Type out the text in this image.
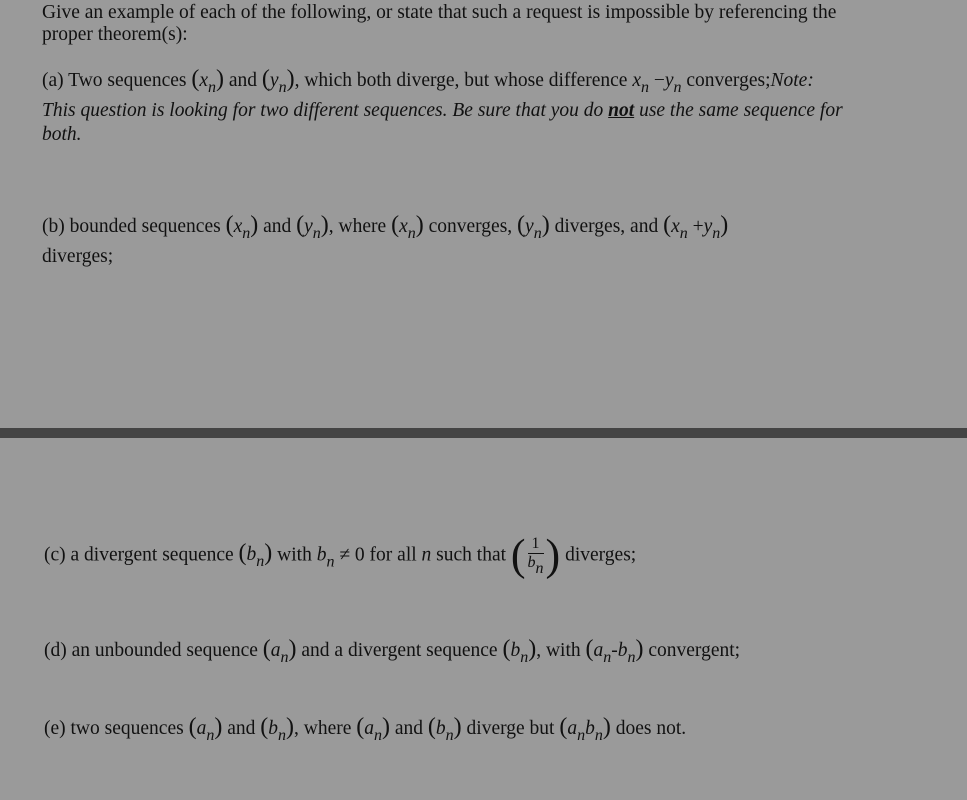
Give an example of each of the following, or state that such a request is impossible by referencing the
proper theorem(s):
(a) Two sequences $(x_n)$ and $(y_n)$, which both diverge, but whose difference $x_n -y_n$ converges;Note:
This question is looking for two different sequences. Be sure that you do not use the same sequence for
both.
(b) bounded sequences $(x_n)$ and $(y_n)$, where $(x_n)$ converges, $(y_n)$ diverges, and $(x_n +y_n)$
diverges;
(c) a divergent sequence $(b_n)$ with $b_n \ne 0$ for all n such that ( $\frac{1}{bn}$ ) diverges;
(d) an unbounded sequence $(a_n)$ and a divergent sequence $(b_n)$, with $(a_n-b_n)$ convergent;
(e) two sequences $(a_n)$ and $(b_n)$, where $(a_n)$ and $(b_n)$ diverge but $(a_nb_n)$ does not.
